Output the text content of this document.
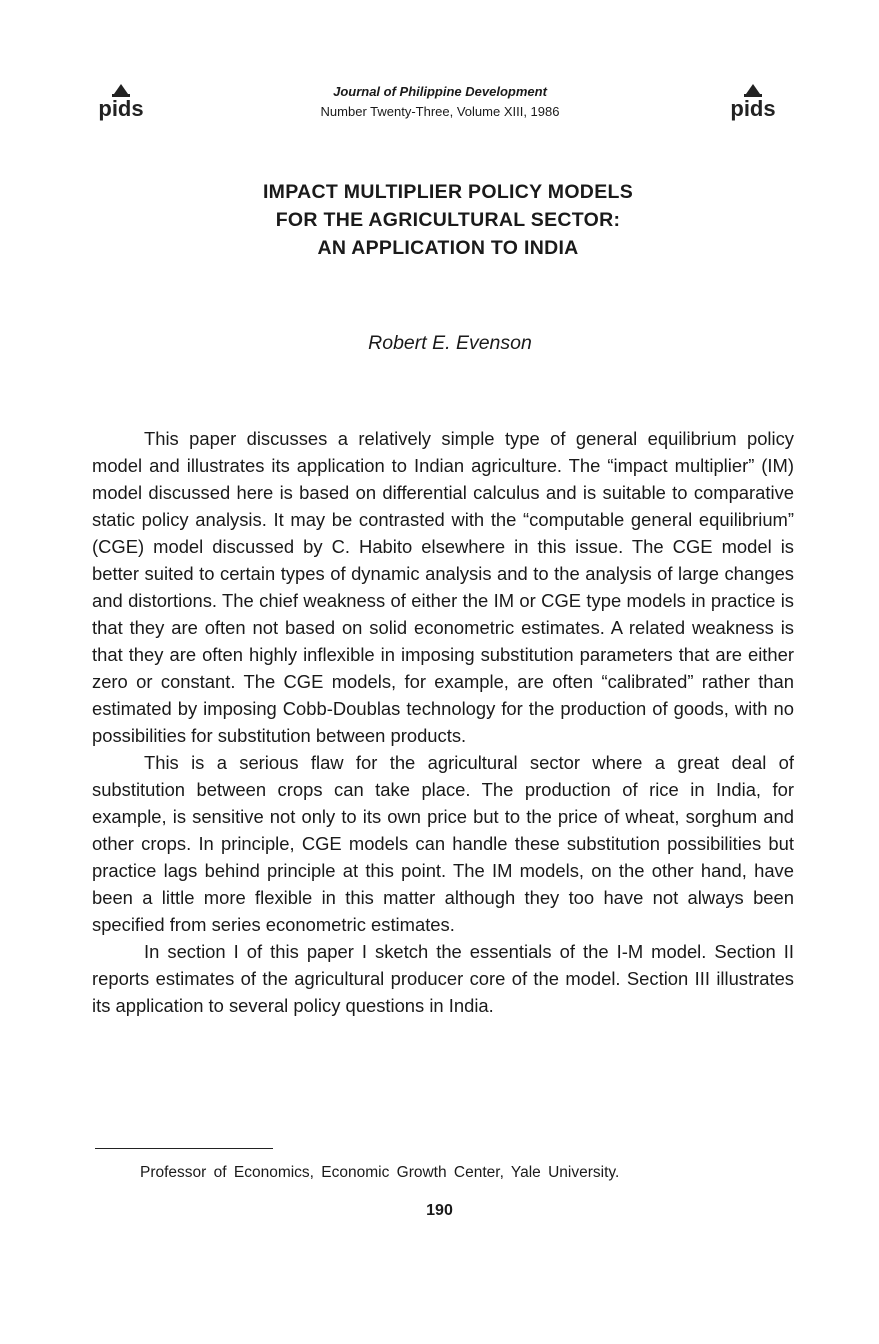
pids
Journal of Philippine Development
Number Twenty-Three, Volume XIII, 1986	pids
IMPACT MULTIPLIER POLICY MODELS
FOR THE AGRICULTURAL SECTOR:
AN APPLICATION TO INDIA
Robert E. Evenson

This paper discusses a relatively simple type of general equilibrium policy model and illustrates its application to Indian agriculture. The “impact multiplier” (IM) model discussed here is based on differential calculus and is suitable to comparative static policy analysis. It may be contrasted with the “computable general equilibrium” (CGE) model discussed by C. Habito elsewhere in this issue. The CGE model is better suited to certain types of dynamic analysis and to the analysis of large changes and distortions. The chief weakness of either the IM or CGE type models in practice is that they are often not based on solid econometric estimates. A related weakness is that they are often highly inflexible in imposing substitution parameters that are either zero or constant. The CGE models, for example, are often “calibrated” rather than estimated by imposing Cobb-Doublas technology for the production of goods, with no possibilities for substitution between products.

This is a serious flaw for the agricultural sector where a great deal of substitution between crops can take place. The production of rice in India, for example, is sensitive not only to its own price but to the price of wheat, sorghum and other crops. In principle, CGE models can handle these substitution possibilities but practice lags behind principle at this point. The IM models, on the other hand, have been a little more flexible in this matter although they too have not always been specified from series econometric estimates.

In section I of this paper I sketch the essentials of the I-M model. Section II reports estimates of the agricultural producer core of the model. Section III illustrates its application to several policy questions in India.

Professor of Economics, Economic Growth Center, Yale University.
190
